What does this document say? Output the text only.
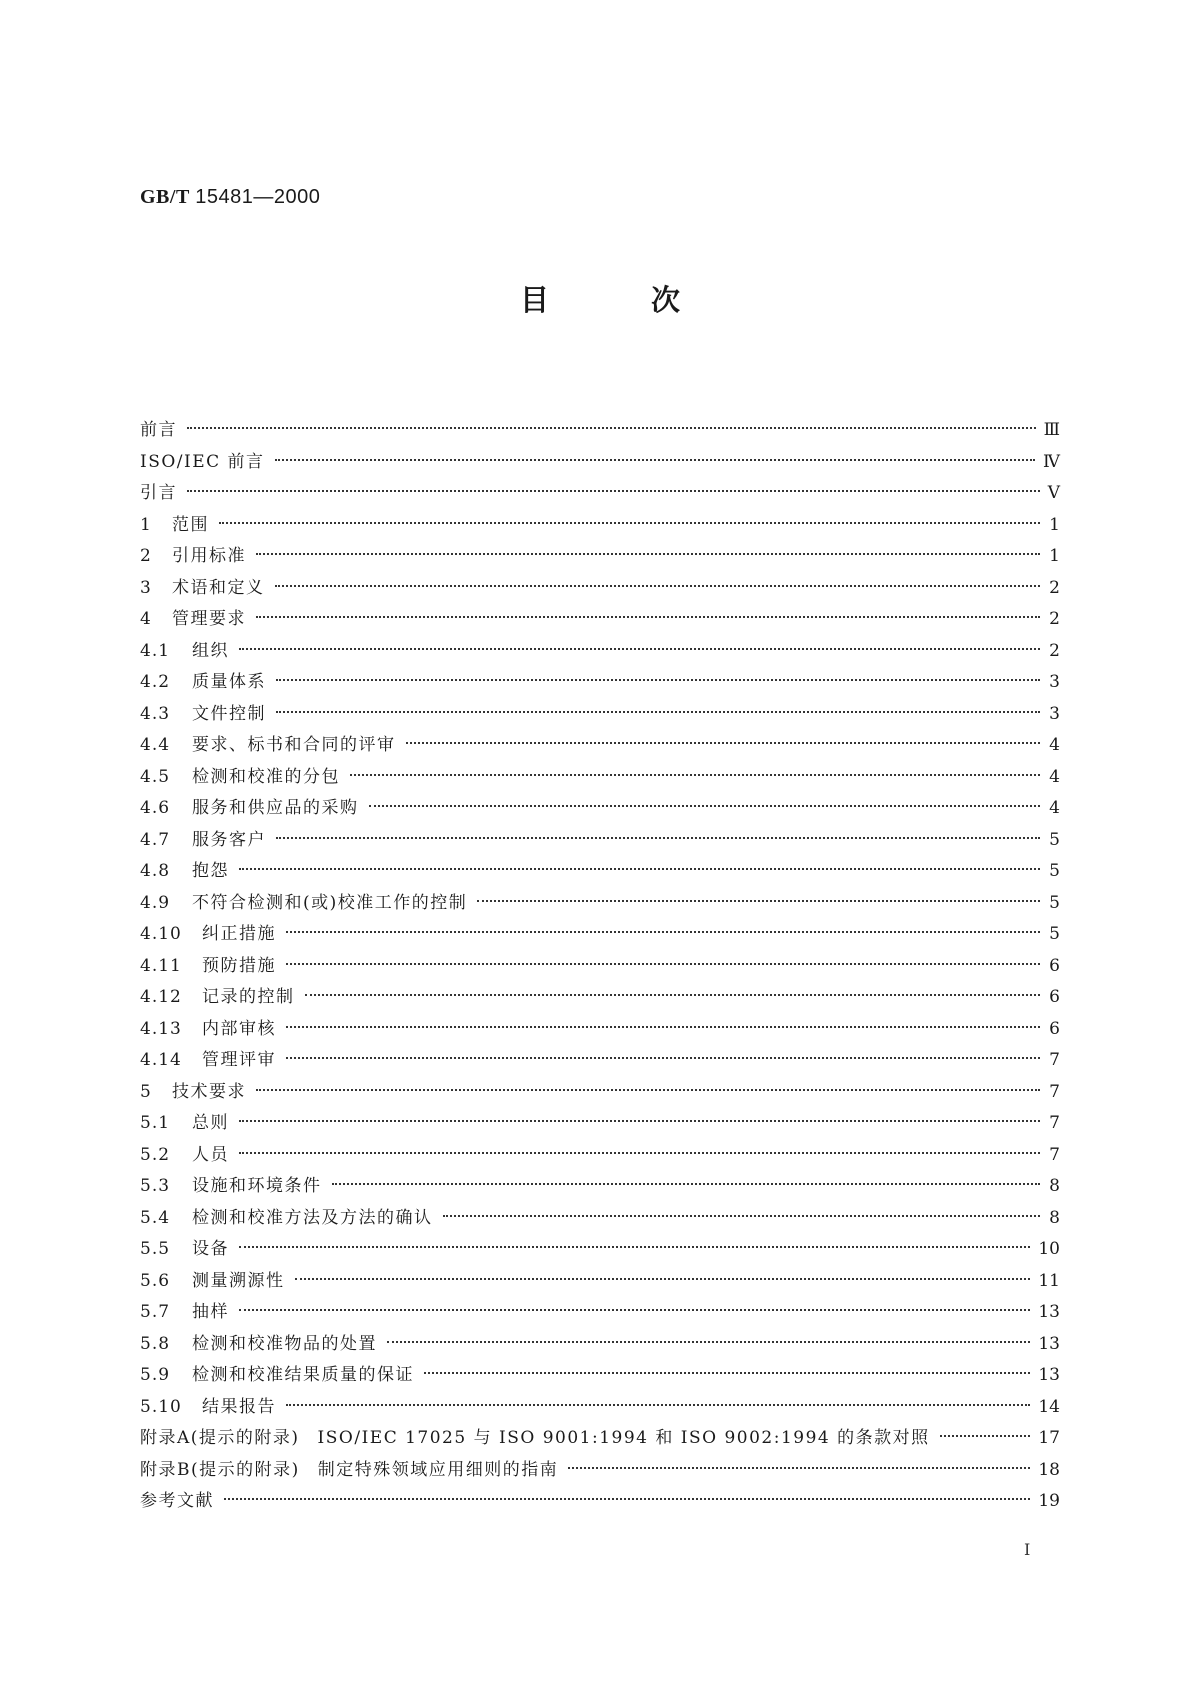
GB/T 15481—2000
目	次
前言	Ⅲ
ISO/IEC 前言	Ⅳ
引言	Ⅴ
1	范围	1
2	引用标准	1
3	术语和定义	2
4	管理要求	2
4.1	组织	2
4.2	质量体系	3
4.3	文件控制	3
4.4	要求、标书和合同的评审	4
4.5	检测和校准的分包	4
4.6	服务和供应品的采购	4
4.7	服务客户	5
4.8	抱怨	5
4.9	不符合检测和(或)校准工作的控制	5
4.10	纠正措施	5
4.11	预防措施	6
4.12	记录的控制	6
4.13	内部审核	6
4.14	管理评审	7
5	技术要求	7
5.1	总则	7
5.2	人员	7
5.3	设施和环境条件	8
5.4	检测和校准方法及方法的确认	8
5.5	设备	10
5.6	测量溯源性	11
5.7	抽样	13
5.8	检测和校准物品的处置	13
5.9	检测和校准结果质量的保证	13
5.10	结果报告	14
附录A(提示的附录) ISO/IEC 17025 与 ISO 9001:1994 和 ISO 9002:1994 的条款对照	17
附录B(提示的附录) 制定特殊领域应用细则的指南	18
参考文献	19
I
